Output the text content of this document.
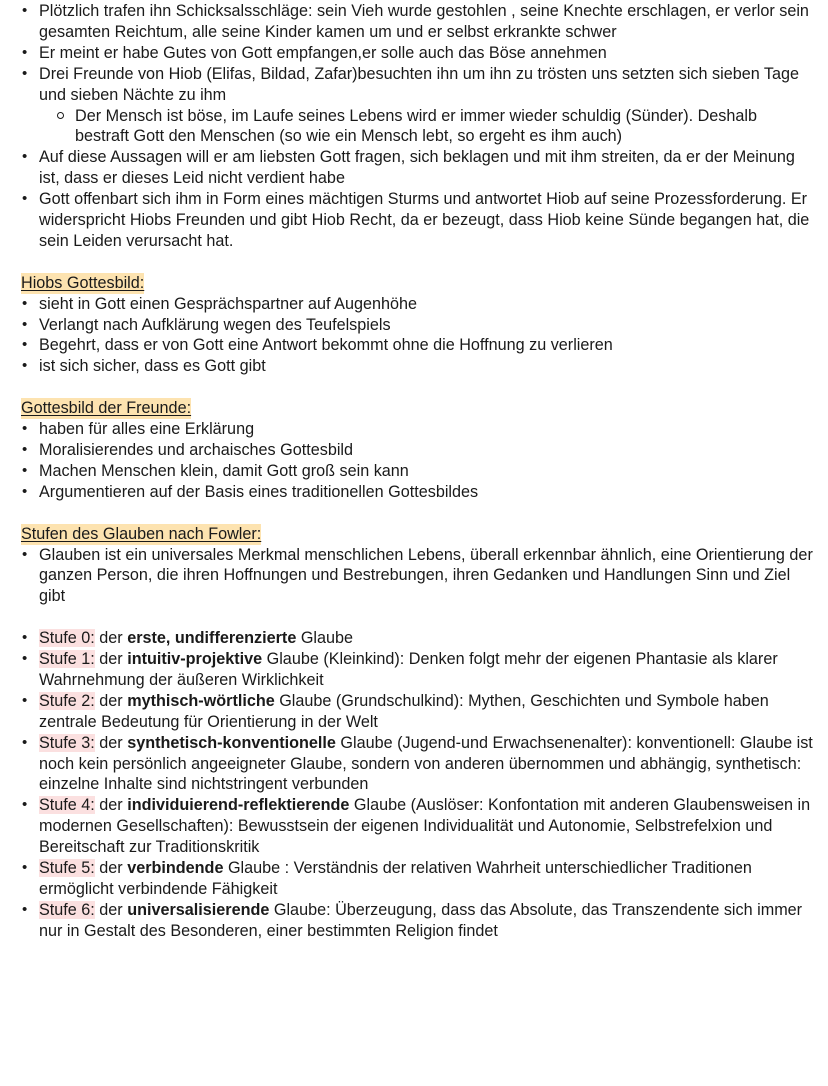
• Plötzlich trafen ihn Schicksalsschläge: sein Vieh wurde gestohlen , seine Knechte erschlagen, er verlor sein gesamten Reichtum, alle seine Kinder kamen um und er selbst erkrankte schwer
• Er meint er habe Gutes von Gott empfangen,er solle auch das Böse annehmen
• Drei Freunde von Hiob (Elifas, Bildad, Zafar)besuchten ihn um ihn zu trösten uns setzten sich sieben Tage und sieben Nächte zu ihm
Der Mensch ist böse, im Laufe seines Lebens wird er immer wieder schuldig (Sünder). Deshalb bestraft Gott den Menschen (so wie ein Mensch lebt, so ergeht es ihm auch)
• Auf diese Aussagen will er am liebsten Gott fragen, sich beklagen und mit ihm streiten, da er der Meinung ist, dass er dieses Leid nicht verdient habe
• Gott offenbart sich ihm in Form eines mächtigen Sturms und antwortet Hiob auf seine Prozessforderung. Er widerspricht Hiobs Freunden und gibt Hiob Recht, da er bezeugt, dass Hiob keine Sünde begangen hat, die sein Leiden verursacht hat.
Hiobs Gottesbild:
• sieht in Gott einen Gesprächspartner auf Augenhöhe
• Verlangt nach Aufklärung wegen des Teufelspiels
• Begehrt, dass er von Gott eine Antwort bekommt ohne die Hoffnung zu verlieren
• ist sich sicher, dass es Gott gibt
Gottesbild der Freunde:
• haben für alles eine Erklärung
• Moralisierendes und archaisches Gottesbild
• Machen Menschen klein, damit Gott groß sein kann
• Argumentieren auf der Basis eines traditionellen Gottesbildes
Stufen des Glauben nach Fowler:
• Glauben ist ein universales Merkmal menschlichen Lebens, überall erkennbar ähnlich, eine Orientierung der ganzen Person, die ihren Hoffnungen und Bestrebungen, ihren Gedanken und Handlungen Sinn und Ziel gibt
• Stufe 0: der erste, undifferenzierte Glaube
• Stufe 1: der intuitiv-projektive Glaube (Kleinkind): Denken folgt mehr der eigenen Phantasie als klarer Wahrnehmung der äußeren Wirklichkeit
• Stufe 2: der mythisch-wörtliche Glaube (Grundschulkind): Mythen, Geschichten und Symbole haben zentrale Bedeutung für Orientierung in der Welt
• Stufe 3: der synthetisch-konventionelle Glaube (Jugend-und Erwachsenenalter): konventionell: Glaube ist noch kein persönlich angeeigneter Glaube, sondern von anderen übernommen und abhängig, synthetisch: einzelne Inhalte sind nichtstringent verbunden
• Stufe 4: der individuierend-reflektierende Glaube (Auslöser: Konfontation mit anderen Glaubensweisen in modernen Gesellschaften): Bewusstsein der eigenen Individualität und Autonomie, Selbstrefelxion und Bereitschaft zur Traditionskritik
• Stufe 5: der verbindende Glaube : Verständnis der relativen Wahrheit unterschiedlicher Traditionen ermöglicht verbindende Fähigkeit
• Stufe 6: der universalisierende Glaube: Überzeugung, dass das Absolute, das Transzendente sich immer nur in Gestalt des Besonderen, einer bestimmten Religion findet
